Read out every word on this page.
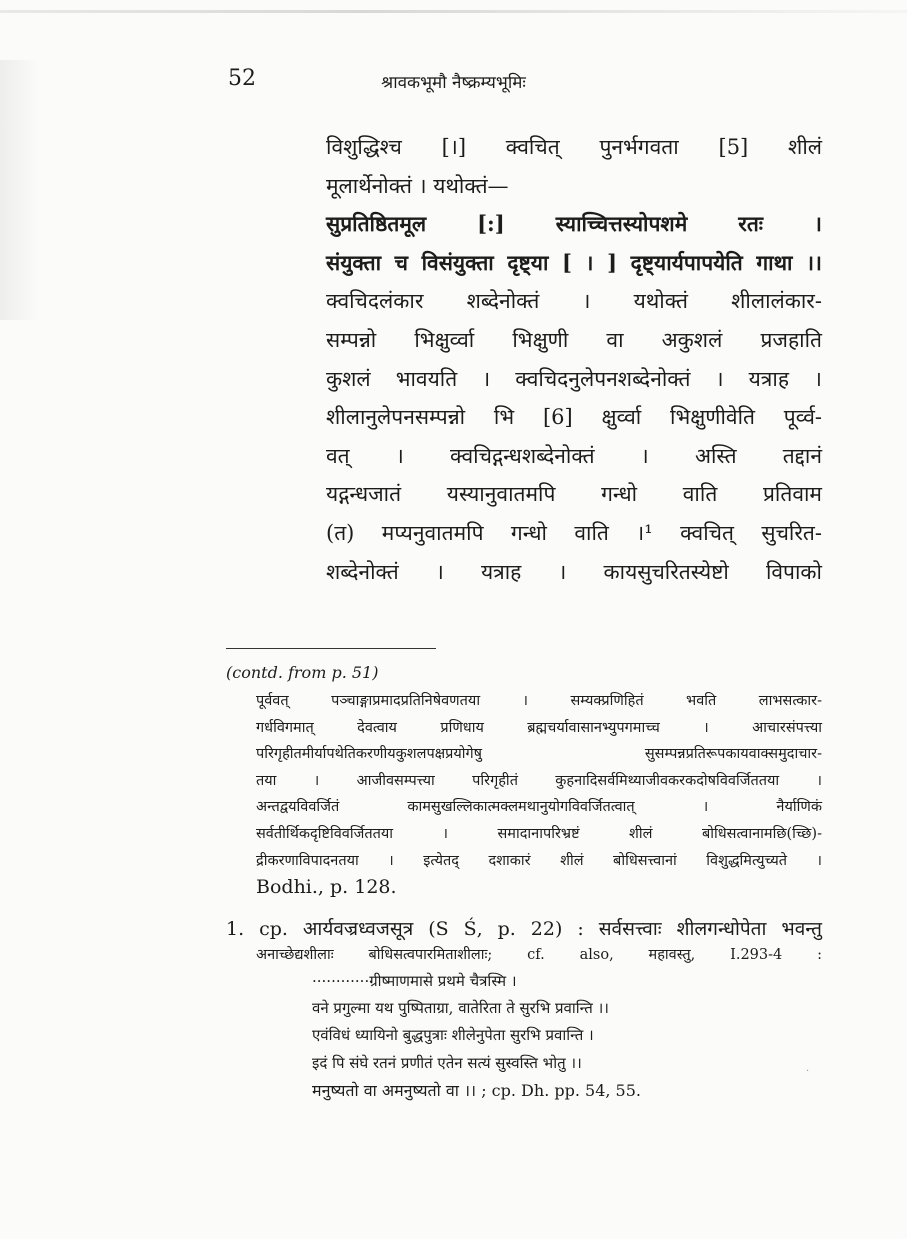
52	श्रावकभूमौ नैष्क्रम्यभूमिः
विशुद्धिश्च [।] क्वचित् पुनर्भगवता [5] शीलं
मूलार्थेनोक्तं । यथोक्तं—
सुप्रतिष्ठितमूल [:] स्याच्चित्तस्योपशमे रतः ।
संयुक्ता च विसंयुक्ता दृष्ट्या [ । ] दृष्ट्यार्यपापयेति गाथा ।।
क्वचिदलंकार शब्देनोक्तं । यथोक्तं शीलालंकार-
सम्पन्नो भिक्षुर्व्वा भिक्षुणी वा अकुशलं प्रजहाति
कुशलं भावयति । क्वचिदनुलेपनशब्देनोक्तं । यत्राह ।
शीलानुलेपनसम्पन्नो भि [6] क्षुर्व्वा भिक्षुणीवेति पूर्व्व-
वत् । क्वचिद्गन्धशब्देनोक्तं । अस्ति तद्दानं
यद्गन्धजातं यस्यानुवातमपि गन्धो वाति प्रतिवाम
(त) मप्यनुवातमपि गन्धो वाति ।¹ क्वचित् सुचरित-
शब्देनोक्तं । यत्राह । कायसुचरितस्येष्टो विपाको
(contd. from p. 51)
पूर्ववत् पञ्चाङ्गाप्रमादप्रतिनिषेवणतया । सम्यक्प्रणिहितं भवति लाभसत्कार-
गर्धविगमात् देवत्वाय प्रणिधाय ब्रह्मचर्यावासानभ्युपगमाच्च । आचारसंपत्त्या
परिगृहीतमीर्यापथेतिकरणीयकुशलपक्षप्रयोगेषु सुसम्पन्नप्रतिरूपकायवाक्समुदाचार-
तया । आजीवसम्पत्त्या परिगृहीतं कुहनादिसर्वमिथ्याजीवकरकदोषविवर्जिततया ।
अन्तद्वयविवर्जितं कामसुखल्लिकात्मक्लमथानुयोगविवर्जितत्वात् । नैर्याणिकं
सर्वतीर्थिकदृष्टिविवर्जिततया । समादानापरिभ्रष्टं शीलं बोधिसत्वानामछि(च्छि)-
द्रीकरणाविपादनतया । इत्येतद् दशाकारं शीलं बोधिसत्त्वानां विशुद्धमित्युच्यते ।
Bodhi., p. 128.
1. cp. आर्यवज्रध्वजसूत्र (S Ś, p. 22) : सर्वसत्त्वाः शीलगन्धोपेता भवन्तु
अनाच्छेद्यशीलाः बोधिसत्वपारमिताशीलाः; cf. also, महावस्तु, I.293-4 :
············ग्रीष्माणमासे प्रथमे चैत्रस्मि ।
वने प्रगुल्मा यथ पुष्पिताग्रा, वातेरिता ते सुरभि प्रवान्ति ।।
एवंविधं ध्यायिनो बुद्धपुत्राः शीलेनुपेता सुरभि प्रवान्ति ।
इदं पि संघे रतनं प्रणीतं एतेन सत्यं सुस्वस्ति भोतु ।।
मनुष्यतो वा अमनुष्यतो वा ।। ; cp. Dh. pp. 54, 55.
·
